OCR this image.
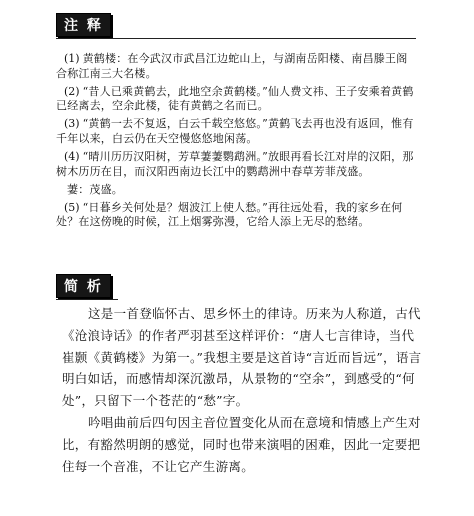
注 释

(1) 黄鹤楼：在今武汉市武昌江边蛇山上，与湖南岳阳楼、南昌滕王阁合称江南三大名楼。

(2) “昔人已乘黄鹤去，此地空余黄鹤楼。”仙人费文祎、王子安乘着黄鹤已经离去，空余此楼，徒有黄鹤之名而已。

(3) “黄鹤一去不复返，白云千载空悠悠。”黄鹤飞去再也没有返回，惟有千年以来，白云仍在天空慢悠悠地闲荡。

(4) “晴川历历汉阳树，芳草萋萋鹦鹉洲。”放眼再看长江对岸的汉阳，那树木历历在目，而汉阳西南边长江中的鹦鹉洲中春草芳菲茂盛。

萋：茂盛。

(5) “日暮乡关何处是？烟波江上使人愁。”再往远处看，我的家乡在何处？在这傍晚的时候，江上烟雾弥漫，它给人添上无尽的愁绪。

简 析

这是一首登临怀古、思乡怀土的律诗。历来为人称道，古代《沧浪诗话》的作者严羽甚至这样评价：“唐人七言律诗，当代崔颢《黄鹤楼》为第一。”我想主要是这首诗“言近而旨远”，语言明白如话，而感情却深沉激昂，从景物的“空余”，到感受的“何处”，只留下一个苍茫的“愁”字。

吟唱曲前后四句因主音位置变化从而在意境和情感上产生对比，有豁然明朗的感觉，同时也带来演唱的困难，因此一定要把住每一个音准，不让它产生游离。
